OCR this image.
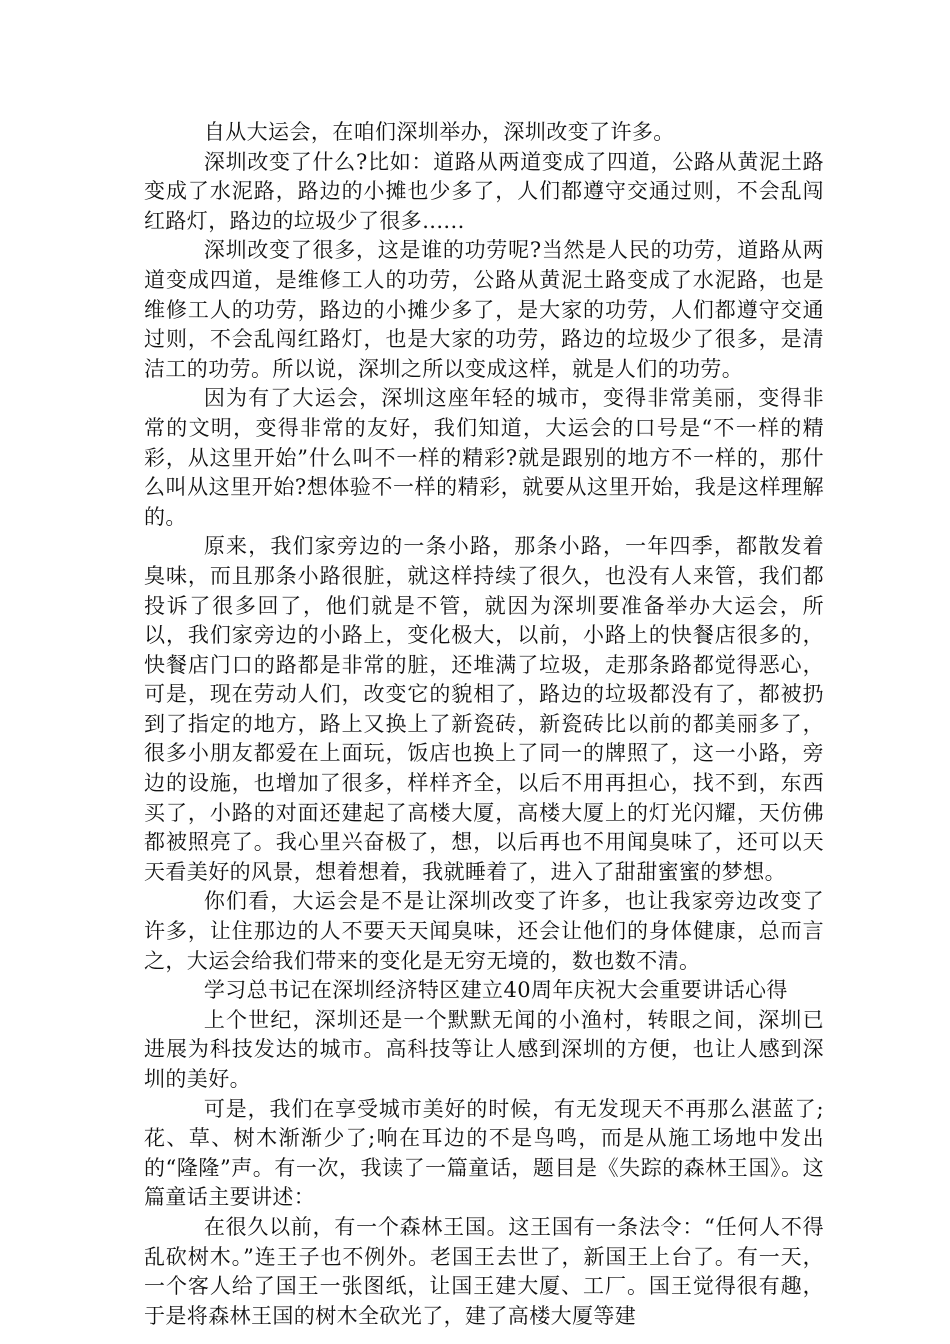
自从大运会，在咱们深圳举办，深圳改变了许多。

深圳改变了什么?比如：道路从两道变成了四道，公路从黄泥土路变成了水泥路，路边的小摊也少多了，人们都遵守交通过则，不会乱闯红路灯，路边的垃圾少了很多......

深圳改变了很多，这是谁的功劳呢?当然是人民的功劳，道路从两道变成四道，是维修工人的功劳，公路从黄泥土路变成了水泥路，也是维修工人的功劳，路边的小摊少多了，是大家的功劳，人们都遵守交通过则，不会乱闯红路灯，也是大家的功劳，路边的垃圾少了很多，是清洁工的功劳。所以说，深圳之所以变成这样，就是人们的功劳。

因为有了大运会，深圳这座年轻的城市，变得非常美丽，变得非常的文明，变得非常的友好，我们知道，大运会的口号是“不一样的精彩，从这里开始”什么叫不一样的精彩?就是跟别的地方不一样的，那什么叫从这里开始?想体验不一样的精彩，就要从这里开始，我是这样理解的。

原来，我们家旁边的一条小路，那条小路，一年四季，都散发着臭味，而且那条小路很脏，就这样持续了很久，也没有人来管，我们都投诉了很多回了，他们就是不管，就因为深圳要准备举办大运会，所以，我们家旁边的小路上，变化极大，以前，小路上的快餐店很多的，快餐店门口的路都是非常的脏，还堆满了垃圾，走那条路都觉得恶心，可是，现在劳动人们，改变它的貌相了，路边的垃圾都没有了，都被扔到了指定的地方，路上又换上了新瓷砖，新瓷砖比以前的都美丽多了，很多小朋友都爱在上面玩，饭店也换上了同一的牌照了，这一小路，旁边的设施，也增加了很多，样样齐全，以后不用再担心，找不到，东西买了，小路的对面还建起了高楼大厦，高楼大厦上的灯光闪耀，天仿佛都被照亮了。我心里兴奋极了，想，以后再也不用闻臭味了，还可以天天看美好的风景，想着想着，我就睡着了，进入了甜甜蜜蜜的梦想。

你们看，大运会是不是让深圳改变了许多，也让我家旁边改变了许多，让住那边的人不要天天闻臭味，还会让他们的身体健康，总而言之，大运会给我们带来的变化是无穷无境的，数也数不清。

学习总书记在深圳经济特区建立40周年庆祝大会重要讲话心得

上个世纪，深圳还是一个默默无闻的小渔村，转眼之间，深圳已进展为科技发达的城市。高科技等让人感到深圳的方便，也让人感到深圳的美好。

可是，我们在享受城市美好的时候，有无发现天不再那么湛蓝了;花、草、树木渐渐少了;响在耳边的不是鸟鸣，而是从施工场地中发出的“隆隆”声。有一次，我读了一篇童话，题目是《失踪的森林王国》。这篇童话主要讲述：

在很久以前，有一个森林王国。这王国有一条法令：“任何人不得乱砍树木。”连王子也不例外。老国王去世了，新国王上台了。有一天，一个客人给了国王一张图纸，让国王建大厦、工厂。国王觉得很有趣，于是将森林王国的树木全砍光了，建了高楼大厦等建
